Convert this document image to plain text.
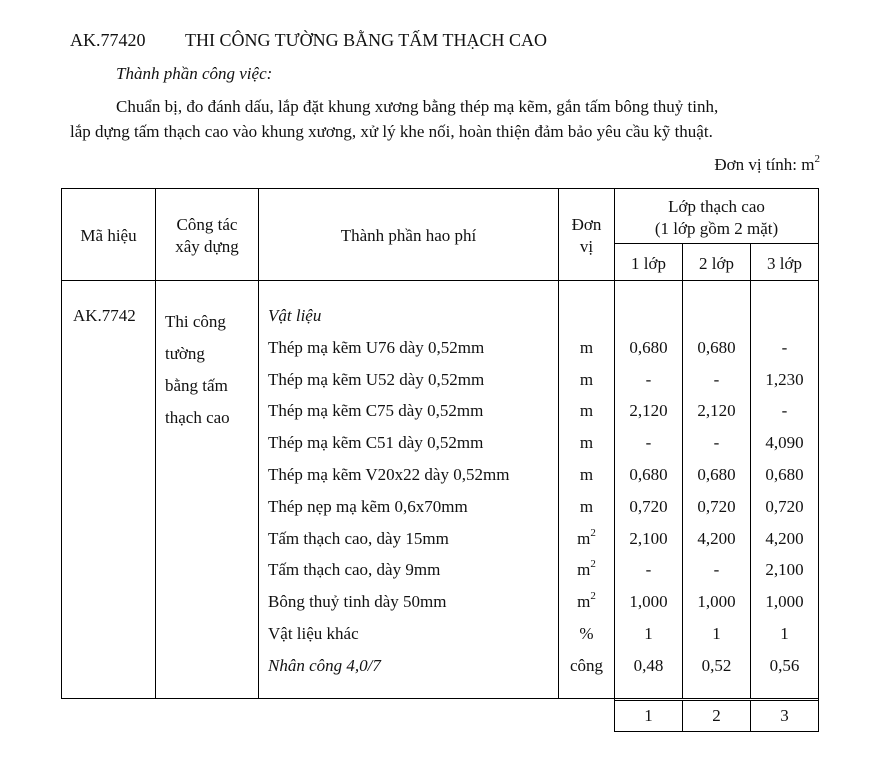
AK.77420 THI CÔNG TƯỜNG BẰNG TẤM THẠCH CAO
Thành phần công việc:
Chuẩn bị, đo đánh dấu, lắp đặt khung xương bằng thép mạ kẽm, gắn tấm bông thuỷ tinh,
lắp dựng tấm thạch cao vào khung xương, xử lý khe nối, hoàn thiện đảm bảo yêu cầu kỹ thuật.
Đơn vị tính: $m^2$
Mã hiệu
Công tác
xây dựng
Thành phần hao phí
Đơn
vị
Lớp thạch cao
(1 lớp gồm 2 mặt)
1 lớp	2 lớp	3 lớp
AK.7742 Thi công
tường
bằng tấm
thạch cao
Vật liệu
Thép mạ kẽm U76 dày 0,52mm	m	0,680	0,680	-
Thép mạ kẽm U52 dày 0,52mm	m	-	-	1,230
Thép mạ kẽm C75 dày 0,52mm	m	2,120	2,120	-
Thép mạ kẽm C51 dày 0,52mm	m	-	-	4,090
Thép mạ kẽm V20x22 dày 0,52mm	m	0,680	0,680	0,680
Thép nẹp mạ kẽm 0,6x70mm	m	0,720	0,720	0,720
Tấm thạch cao, dày 15mm	$m^2$	2,100	4,200	4,200
Tấm thạch cao, dày 9mm	$m^2$	-	-	2,100
Bông thuỷ tinh dày 50mm	$m^2$	1,000	1,000	1,000
Vật liệu khác	%	1	1	1
Nhân công 4,0/7	công	0,48	0,52	0,56
1	2	3
